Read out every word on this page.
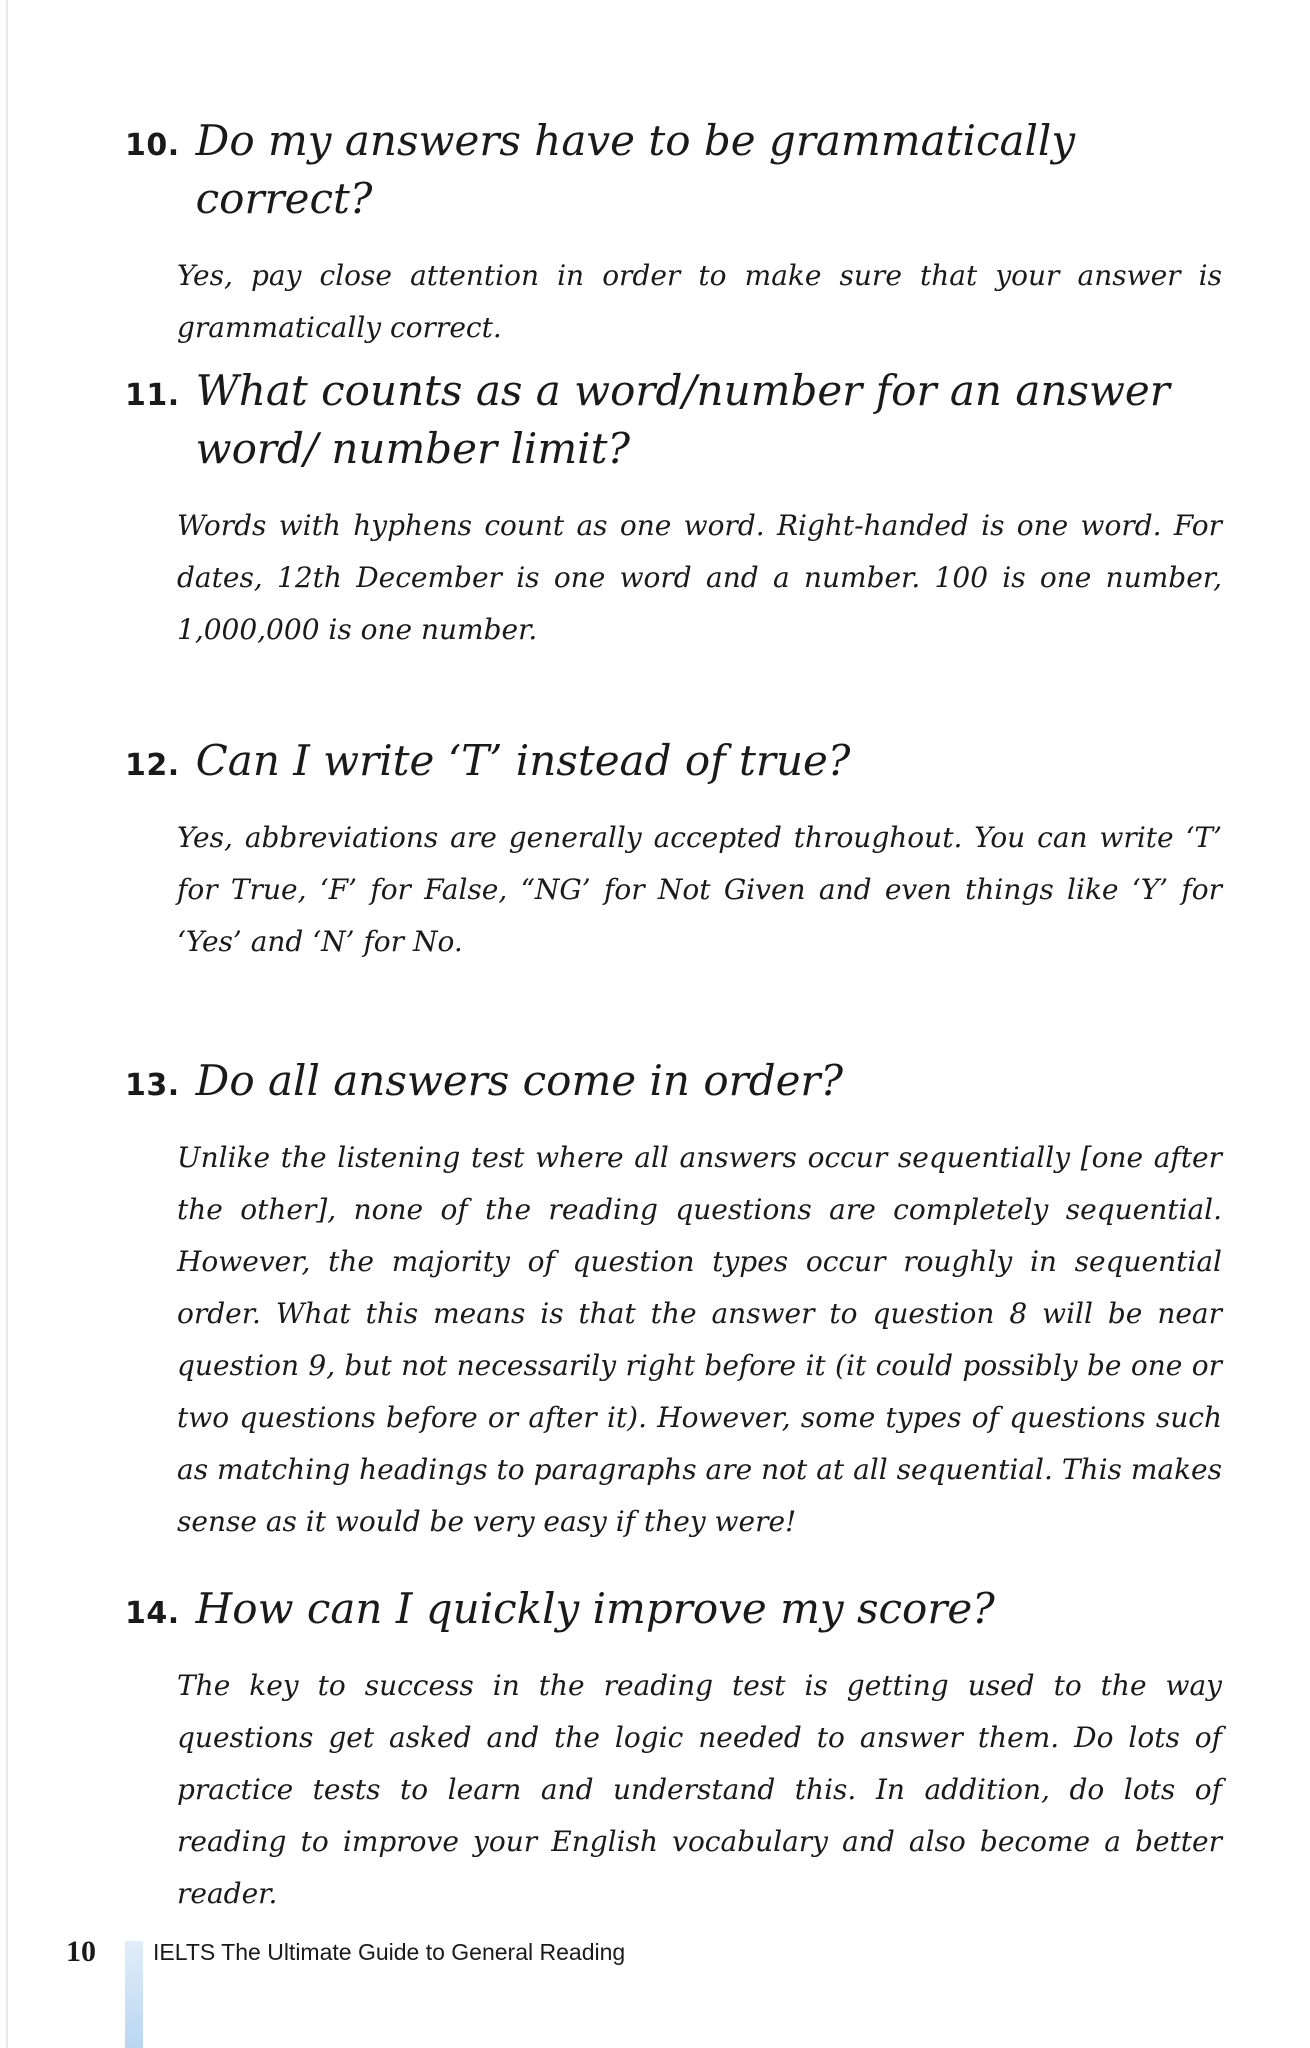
10. Do my answers have to be grammatically correct?
Yes, pay close attention in order to make sure that your answer is grammatically correct.
11. What counts as a word/number for an answer word/ number limit?
Words with hyphens count as one word. Right-handed is one word. For dates, 12th December is one word and a number. 100 is one number, 1,000,000 is one number.
12. Can I write ‘T’ instead of true?
Yes, abbreviations are generally accepted throughout. You can write ‘T’ for True, ‘F’ for False, “NG’ for Not Given and even things like ‘Y’ for ‘Yes’ and ‘N’ for No.
13. Do all answers come in order?
Unlike the listening test where all answers occur sequentially [one after the other], none of the reading questions are completely sequential. However, the majority of question types occur roughly in sequential order. What this means is that the answer to question 8 will be near question 9, but not necessarily right before it (it could possibly be one or two questions before or after it). However, some types of questions such as matching headings to paragraphs are not at all sequential. This makes sense as it would be very easy if they were!
14. How can I quickly improve my score?
The key to success in the reading test is getting used to the way questions get asked and the logic needed to answer them. Do lots of practice tests to learn and understand this. In addition, do lots of reading to improve your English vocabulary and also become a better reader.
10 IELTS The Ultimate Guide to General Reading
